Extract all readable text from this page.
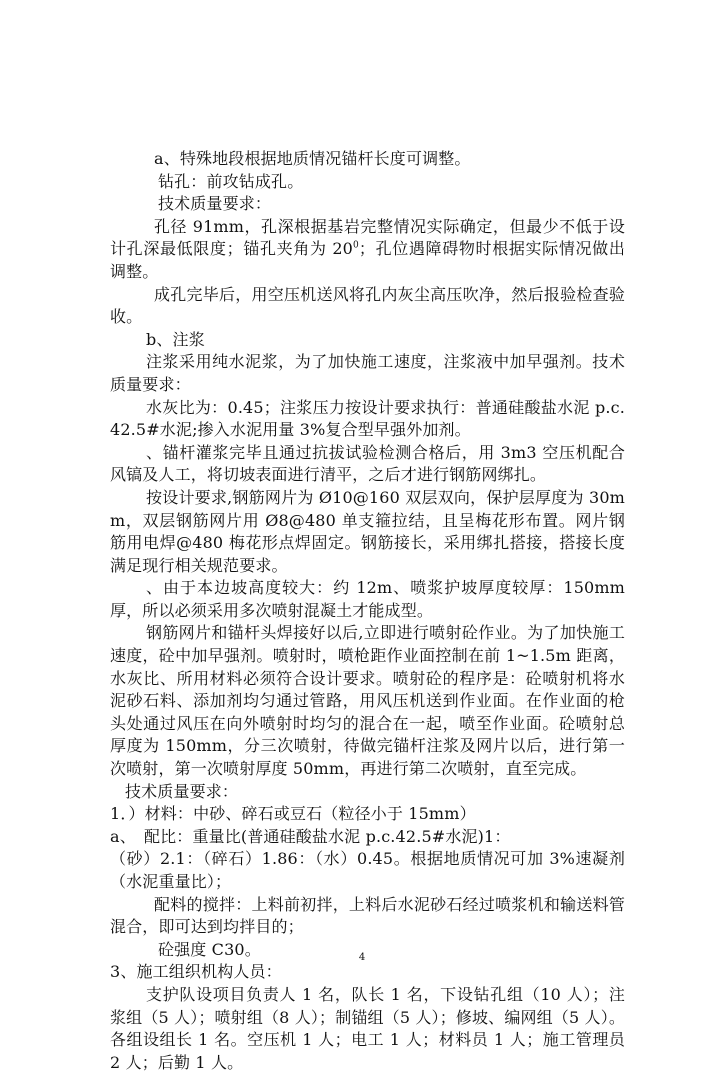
a、特殊地段根据地质情况锚杆长度可调整。

钻孔：前攻钻成孔。

技术质量要求：

孔径 91mm，孔深根据基岩完整情况实际确定，但最少不低于设计孔深最低限度；锚孔夹角为 $20^0$；孔位遇障碍物时根据实际情况做出调整。

成孔完毕后，用空压机送风将孔内灰尘高压吹净，然后报验检查验收。

b、注浆

注浆采用纯水泥浆，为了加快施工速度，注浆液中加早强剂。技术质量要求：

水灰比为：0.45；注浆压力按设计要求执行：普通硅酸盐水泥 p.c.42.5#水泥;掺入水泥用量 3%复合型早强外加剂。

、锚杆灌浆完毕且通过抗拔试验检测合格后，用 3m3 空压机配合风镐及人工，将切坡表面进行清平，之后才进行钢筋网绑扎。

按设计要求,钢筋网片为 Ø10@160 双层双向，保护层厚度为 30mm，双层钢筋网片用 Ø8@480 单支箍拉结，且呈梅花形布置。网片钢筋用电焊@480 梅花形点焊固定。钢筋接长，采用绑扎搭接，搭接长度满足现行相关规范要求。

、由于本边坡高度较大：约 12m、喷浆护坡厚度较厚：150mm 厚，所以必须采用多次喷射混凝土才能成型。

钢筋网片和锚杆头焊接好以后,立即进行喷射砼作业。为了加快施工速度，砼中加早强剂。喷射时，喷枪距作业面控制在前 1~1.5m 距离，水灰比、所用材料必须符合设计要求。喷射砼的程序是：砼喷射机将水泥砂石料、添加剂均匀通过管路，用风压机送到作业面。在作业面的枪头处通过风压在向外喷射时均匀的混合在一起，喷至作业面。砼喷射总厚度为 150mm，分三次喷射，待做完锚杆注浆及网片以后，进行第一次喷射，第一次喷射厚度 50mm，再进行第二次喷射，直至完成。

技术质量要求：

1．）材料：中砂、碎石或豆石（粒径小于 15mm）

a、　配比：重量比(普通硅酸盐水泥 p.c.42.5#水泥)1：

（砂）2.1：（碎石）1.86：（水）0.45。根据地质情况可加 3%速凝剂（水泥重量比）；

配料的搅拌：上料前初拌，上料后水泥砂石经过喷浆机和输送料管混合，即可达到均拌目的；

砼强度 C30。

3、施工组织机构人员：

支护队设项目负责人 1 名，队长 1 名，下设钻孔组（10 人）；注浆组（5 人）；喷射组（8 人）；制锚组（5 人）；修坡、编网组（5 人）。各组设组长 1 名。空压机 1 人；电工 1 人；材料员 1 人；施工管理员 2 人；后勤 1 人。

4
